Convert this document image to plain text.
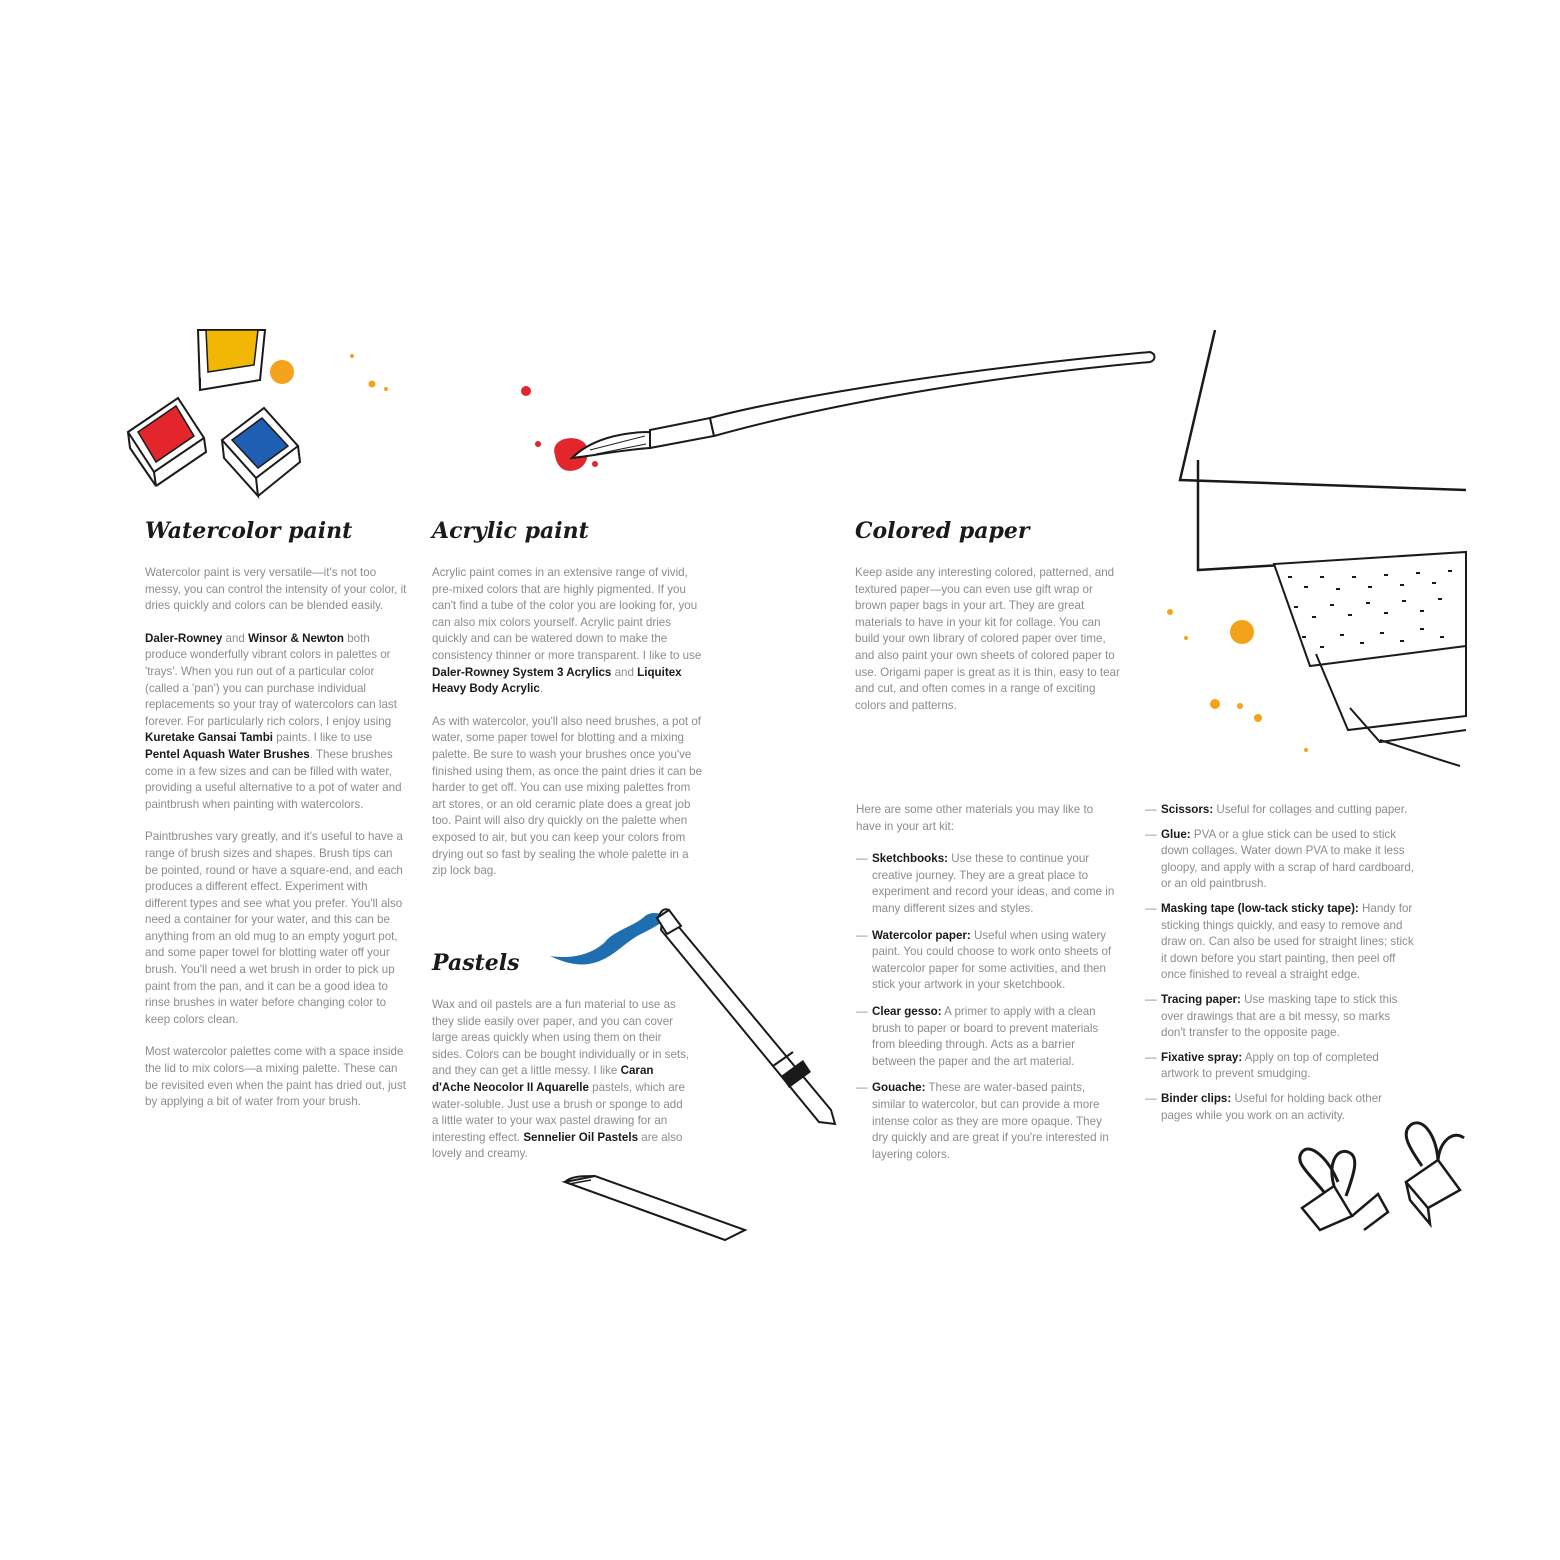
Watercolor paint

Watercolor paint is very versatile—it's not too messy, you can control the intensity of your color, it dries quickly and colors can be blended easily.

Daler-Rowney and Winsor & Newton both produce wonderfully vibrant colors in palettes or 'trays'. When you run out of a particular color (called a 'pan') you can purchase individual replacements so your tray of watercolors can last forever. For particularly rich colors, I enjoy using Kuretake Gansai Tambi paints. I like to use Pentel Aquash Water Brushes. These brushes come in a few sizes and can be filled with water, providing a useful alternative to a pot of water and paintbrush when painting with watercolors.

Paintbrushes vary greatly, and it's useful to have a range of brush sizes and shapes. Brush tips can be pointed, round or have a square-end, and each produces a different effect. Experiment with different types and see what you prefer. You'll also need a container for your water, and this can be anything from an old mug to an empty yogurt pot, and some paper towel for blotting water off your brush. You'll need a wet brush in order to pick up paint from the pan, and it can be a good idea to rinse brushes in water before changing color to keep colors clean.

Most watercolor palettes come with a space inside the lid to mix colors—a mixing palette. These can be revisited even when the paint has dried out, just by applying a bit of water from your brush.

Acrylic paint

Acrylic paint comes in an extensive range of vivid, pre-mixed colors that are highly pigmented. If you can't find a tube of the color you are looking for, you can also mix colors yourself. Acrylic paint dries quickly and can be watered down to make the consistency thinner or more transparent. I like to use Daler-Rowney System 3 Acrylics and Liquitex Heavy Body Acrylic.

As with watercolor, you'll also need brushes, a pot of water, some paper towel for blotting and a mixing palette. Be sure to wash your brushes once you've finished using them, as once the paint dries it can be harder to get off. You can use mixing palettes from art stores, or an old ceramic plate does a great job too. Paint will also dry quickly on the palette when exposed to air, but you can keep your colors from drying out so fast by sealing the whole palette in a zip lock bag.

Pastels

Wax and oil pastels are a fun material to use as they slide easily over paper, and you can cover large areas quickly when using them on their sides. Colors can be bought individually or in sets, and they can get a little messy. I like Caran d'Ache Neocolor II Aquarelle pastels, which are water-soluble. Just use a brush or sponge to add a little water to your wax pastel drawing for an interesting effect. Sennelier Oil Pastels are also lovely and creamy.

Colored paper

Keep aside any interesting colored, patterned, and textured paper—you can even use gift wrap or brown paper bags in your art. They are great materials to have in your kit for collage. You can build your own library of colored paper over time, and also paint your own sheets of colored paper to use. Origami paper is great as it is thin, easy to tear and cut, and often comes in a range of exciting colors and patterns.

Here are some other materials you may like to have in your art kit:

— Sketchbooks: Use these to continue your creative journey. They are a great place to experiment and record your ideas, and come in many different sizes and styles.
— Watercolor paper: Useful when using watery paint. You could choose to work onto sheets of watercolor paper for some activities, and then stick your artwork in your sketchbook.
— Clear gesso: A primer to apply with a clean brush to paper or board to prevent materials from bleeding through. Acts as a barrier between the paper and the art material.
— Gouache: These are water-based paints, similar to watercolor, but can provide a more intense color as they are more opaque. They dry quickly and are great if you're interested in layering colors.
— Scissors: Useful for collages and cutting paper.
— Glue: PVA or a glue stick can be used to stick down collages. Water down PVA to make it less gloopy, and apply with a scrap of hard cardboard, or an old paintbrush.
— Masking tape (low-tack sticky tape): Handy for sticking things quickly, and easy to remove and draw on. Can also be used for straight lines; stick it down before you start painting, then peel off once finished to reveal a straight edge.
— Tracing paper: Use masking tape to stick this over drawings that are a bit messy, so marks don't transfer to the opposite page.
— Fixative spray: Apply on top of completed artwork to prevent smudging.
— Binder clips: Useful for holding back other pages while you work on an activity.
